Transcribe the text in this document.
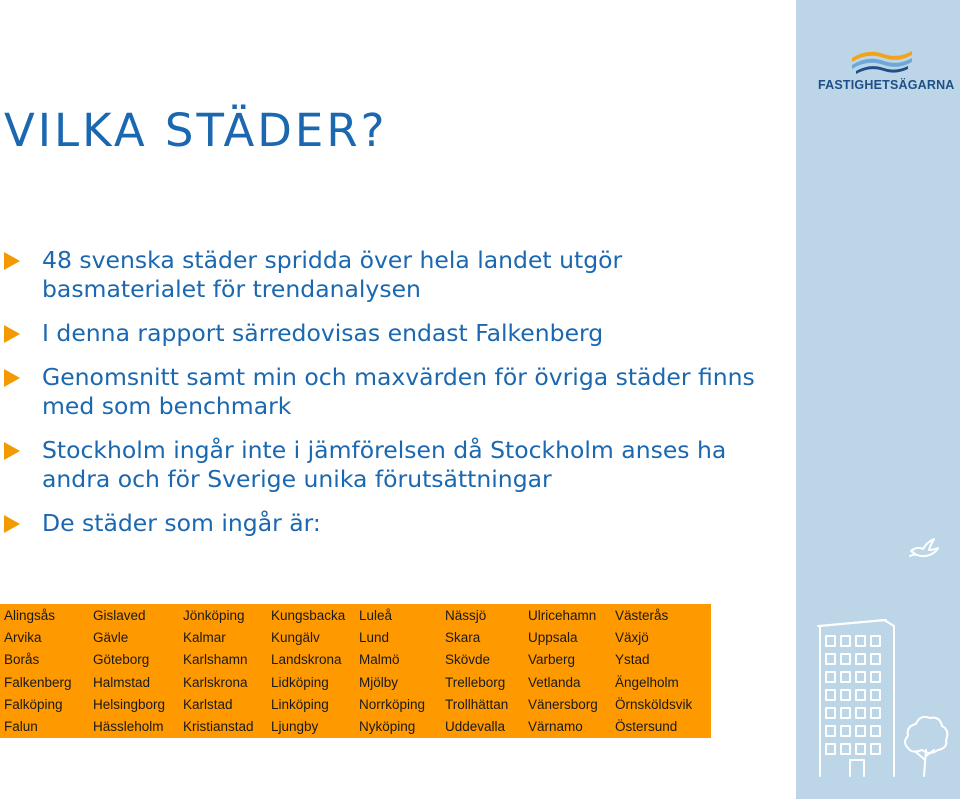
FASTIGHETSÄGARNA
VILKA STÄDER?
48 svenska städer spridda över hela landet utgör basmaterialet för trendanalysen
I denna rapport särredovisas endast Falkenberg
Genomsnitt samt min och maxvärden för övriga städer finns med som benchmark
Stockholm ingår inte i jämförelsen då Stockholm anses ha andra och för Sverige unika förutsättningar
De städer som ingår är:
Alingsås	Gislaved	Jönköping	Kungsbacka	Luleå	Nässjö	Ulricehamn	Västerås
Arvika	Gävle	Kalmar	Kungälv	Lund	Skara	Uppsala	Växjö
Borås	Göteborg	Karlshamn	Landskrona	Malmö	Skövde	Varberg	Ystad
Falkenberg	Halmstad	Karlskrona	Lidköping	Mjölby	Trelleborg	Vetlanda	Ängelholm
Falköping	Helsingborg	Karlstad	Linköping	Norrköping	Trollhättan	Vänersborg	Örnsköldsvik
Falun	Hässleholm	Kristianstad	Ljungby	Nyköping	Uddevalla	Värnamo	Östersund
